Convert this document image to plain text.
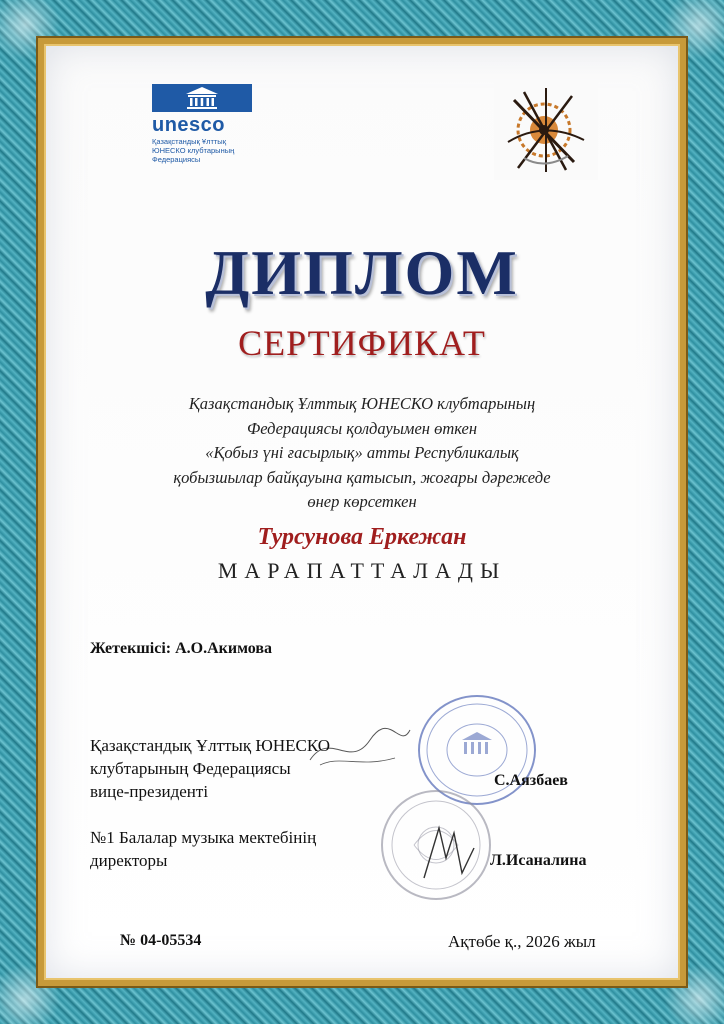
unesco
Қазақстандық Ұлттық
ЮНЕСКО клубтарының
Федерациясы
ДИПЛОМ
СЕРТИФИКАТ
Қазақстандық Ұлттық ЮНЕСКО клубтарының
Федерациясы қолдауымен өткен
«Қобыз үні ғасырлық» атты Республикалық
қобызшылар байқауына қатысып, жоғары дәрежеде
өнер көрсеткен
Турсунова Еркежан
МАРАПАТТАЛАДЫ
Жетекшісі: А.О.Акимова
Қазақстандық Ұлттық ЮНЕСКО
клубтарының Федерациясы
вице-президенті
С.Аязбаев
№1 Балалар музыка мектебінің
директоры	Л.Исаналина
№ 04-05534	Ақтөбе қ., 2026 жыл
